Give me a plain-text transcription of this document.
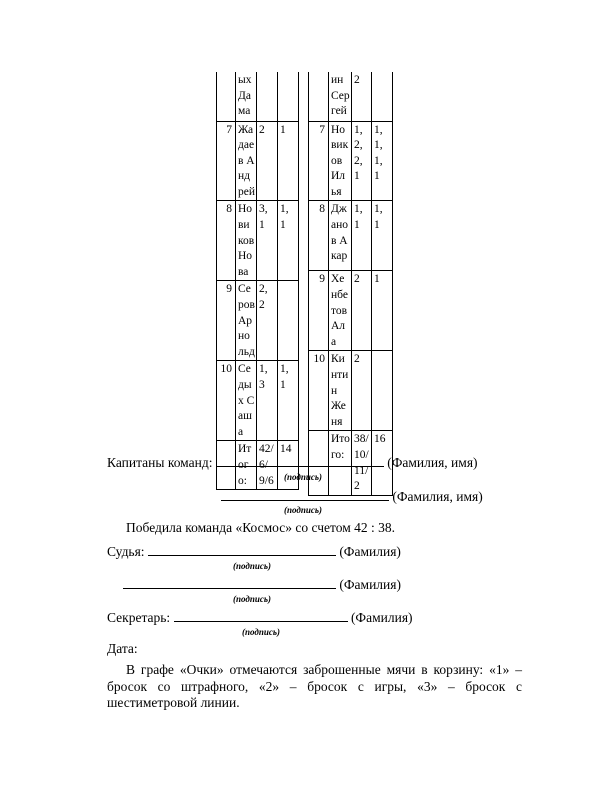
	ых Да ма		
7	Жадаев Андрей	2	1
8	Новиков Нова	3, 1	1, 1
9	Серов Арнольд	2, 2	
10	Седых Саша	1, 3	1, 1
	Итого:	42/6/9/6	14
	ин Сергей	2	
7	Новиков Илья	1, 2, 2, 1	1, 1, 1, 1
8	Джанов Акар	1, 1	1, 1
9	Хенбетов Ала	2	1
10	Кинтин Женя	2	
	Итого:	38/10/11/2	16
Капитаны команд:	(Фамилия, имя)
(подпись)
(Фамилия, имя)
(подпись)
Победила команда «Космос» со счетом 42 : 38.
Судья:	(Фамилия)
(подпись)
(Фамилия)
(подпись)
Секретарь:	(Фамилия)
(подпись)
Дата:
В графе «Очки» отмечаются заброшенные мячи в корзину: «1» – бросок со штрафного, «2» – бросок с игры, «3» – бросок с шестиметровой линии.
